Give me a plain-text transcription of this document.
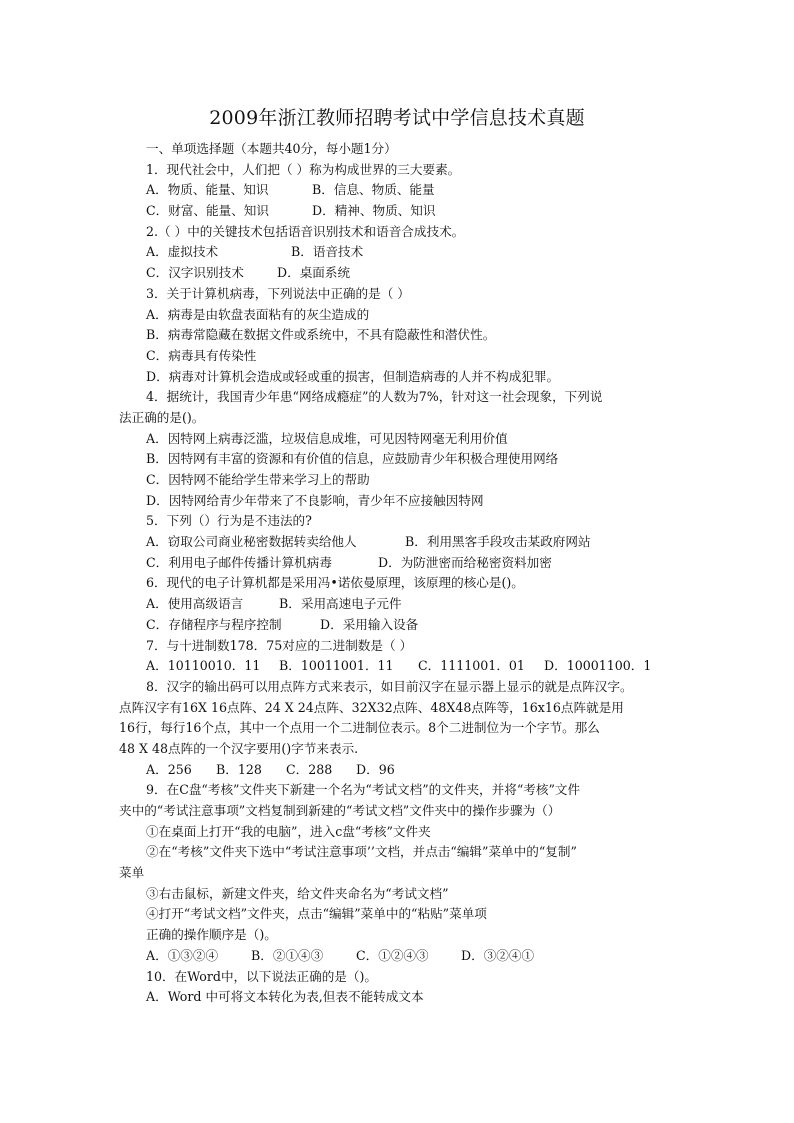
2009年浙江教师招聘考试中学信息技术真题
一、单项选择题（本题共40分，每小题1分）
1．现代社会中，人们把（ ）称为构成世界的三大要素。
A．物质、能量、知识	B．信息、物质、能量
C．财富、能量、知识	D．精神、物质、知识
2.（ ）中的关键技术包括语音识别技术和语音合成技术。
A．虚拟技术	B．语音技术
C．汉字识别技术	D．桌面系统
3．关于计算机病毒，下列说法中正确的是（ ）
A．病毒是由软盘表面粘有的灰尘造成的
B．病毒常隐藏在数据文件或系统中，不具有隐蔽性和潜伏性。
C．病毒具有传染性
D．病毒对计算机会造成或轻或重的损害，但制造病毒的人并不构成犯罪。
4．据统计，我国青少年患“网络成瘾症”的人数为7%，针对这一社会现象，下列说
法正确的是()。
A．因特网上病毒泛滥，垃圾信息成堆，可见因特网毫无利用价值
B．因特网有丰富的资源和有价值的信息，应鼓励青少年积极合理使用网络
C．因特网不能给学生带来学习上的帮助
D．因特网给青少年带来了不良影响，青少年不应接触因特网
5．下列（）行为是不违法的?
A．窃取公司商业秘密数据转卖给他人	B．利用黑客手段攻击某政府网站
C．利用电子邮件传播计算机病毒	D．为防泄密而给秘密资料加密
6．现代的电子计算机都是采用冯•诺依曼原理，该原理的核心是()。
A．使用高级语言	B．采用高速电子元件
C．存储程序与程序控制	D．采用输入设备
7．与十进制数178．75对应的二进制数是（ ）
A．10110010．11 B．10011001．11 C．1111001．01 D．10001100．1
8．汉字的输出码可以用点阵方式来表示，如目前汉字在显示器上显示的就是点阵汉字。
点阵汉字有16X 16点阵、24 X 24点阵、32X32点阵、48X48点阵等，16x16点阵就是用
16行，每行16个点，其中一个点用一个二进制位表示。8个二进制位为一个字节。那么
48 X 48点阵的一个汉字要用()字节来表示.
A．256 B．128 C．288 D．96
9．在C盘“考核”文件夹下新建一个名为“考试文档”的文件夹，并将“考核”文件
夹中的“考试注意事项”文档复制到新建的“考试文档”文件夹中的操作步骤为（）
①在桌面上打开“我的电脑”，进入c盘“考核”文件夹
②在“考核”文件夹下选中“考试注意事项’’文档，并点击“编辑”菜单中的“复制”
菜单
③右击鼠标，新建文件夹，给文件夹命名为“考试文档”
④打开“考试文档”文件夹，点击“编辑”菜单中的“粘贴”菜单项
正确的操作顺序是（)。
A．①③②④	B．②①④③	C．①②④③	D．③②④①
10．在Word中，以下说法正确的是（)。
A．Word 中可将文本转化为表,但表不能转成文本
